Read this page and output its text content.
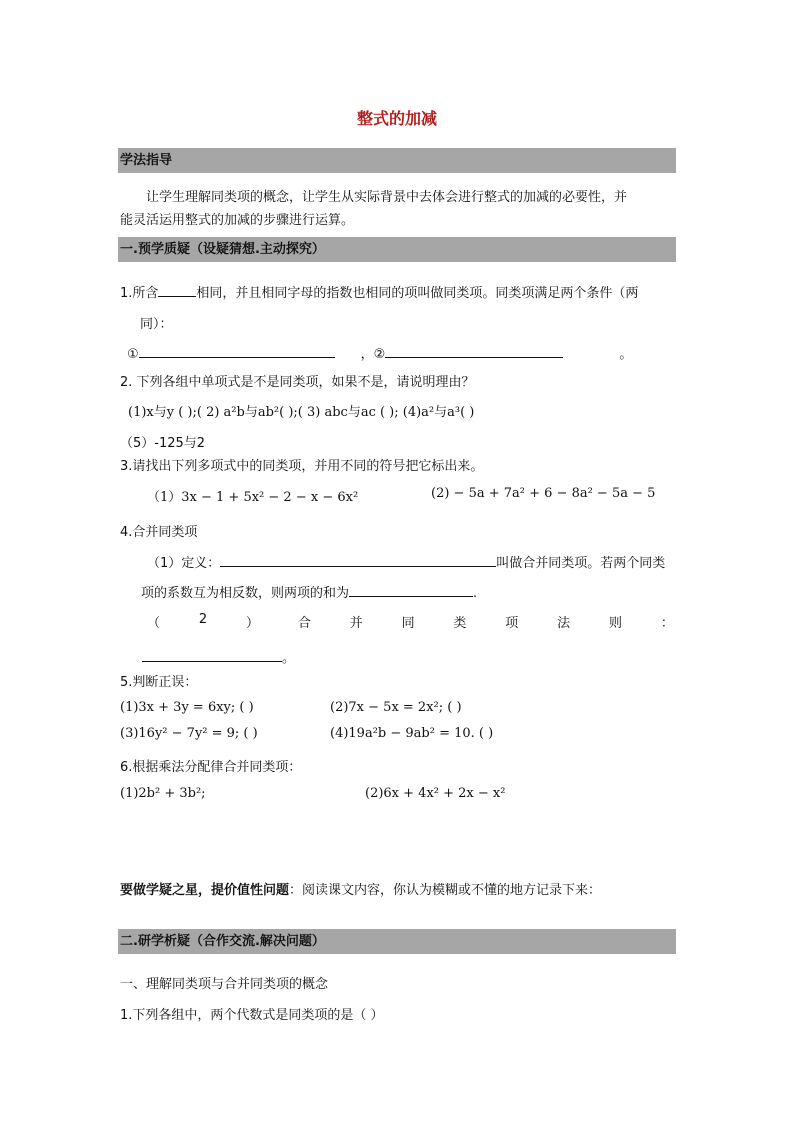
整式的加减
学法指导
让学生理解同类项的概念，让学生从实际背景中去体会进行整式的加减的必要性，并
能灵活运用整式的加减的步骤进行运算。
一.预学质疑（设疑猜想.主动探究）
1.所含	相同，并且相同字母的指数也相同的项叫做同类项。同类项满足两个条件（两
同）：
①	，②	。
2. 下列各组中单项式是不是同类项，如果不是，请说明理由？
(1)x与y ( );( 2) a²b与ab²( );( 3) abc与ac ( ); (4)a²与a³( )
（5）-125与2
3.请找出下列多项式中的同类项，并用不同的符号把它标出来。
（1）3x − 1 + 5x² − 2 − x − 6x²	(2) − 5a + 7a² + 6 − 8a² − 5a − 5
4.合并同类项
（1）定义：	叫做合并同类项。若两个同类
项的系数互为相反数，则两项的和为	.
（	2	）	合	并	同	类	项	法	则	：
。
5.判断正误：
(1)3x + 3y = 6xy; ( )	(2)7x − 5x = 2x²; ( )
(3)16y² − 7y² = 9; ( )	(4)19a²b − 9ab² = 10. ( )
6.根据乘法分配律合并同类项：
(1)2b² + 3b²;	(2)6x + 4x² + 2x − x²
要做学疑之星，提价值性问题：阅读课文内容，你认为模糊或不懂的地方记录下来：
二.研学析疑（合作交流.解决问题）
一、理解同类项与合并同类项的概念
1.下列各组中，两个代数式是同类项的是（ ）
